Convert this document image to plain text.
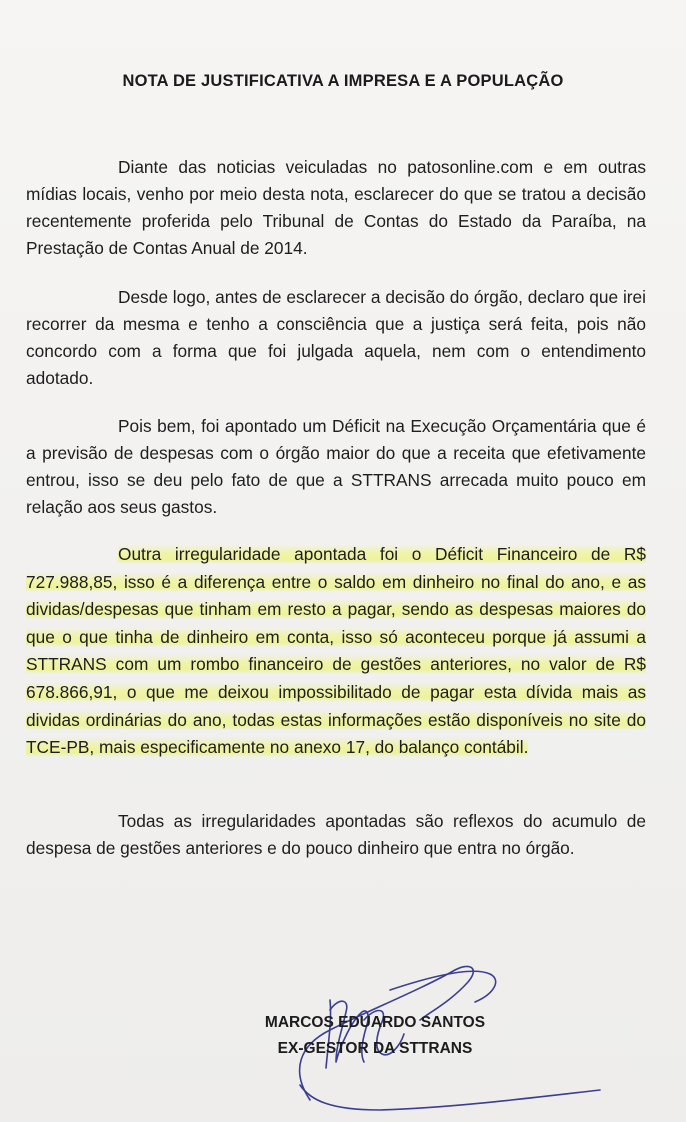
NOTA DE JUSTIFICATIVA A IMPRESA E A POPULAÇÃO

Diante das noticias veiculadas no patosonline.com e em outras mídias locais, venho por meio desta nota, esclarecer do que se tratou a decisão recentemente proferida pelo Tribunal de Contas do Estado da Paraíba, na Prestação de Contas Anual de 2014.

Desde logo, antes de esclarecer a decisão do órgão, declaro que irei recorrer da mesma e tenho a consciência que a justiça será feita, pois não concordo com a forma que foi julgada aquela, nem com o entendimento adotado.

Pois bem, foi apontado um Déficit na Execução Orçamentária que é a previsão de despesas com o órgão maior do que a receita que efetivamente entrou, isso se deu pelo fato de que a STTRANS arrecada muito pouco em relação aos seus gastos.

Outra irregularidade apontada foi o Déficit Financeiro de R$ 727.988,85, isso é a diferença entre o saldo em dinheiro no final do ano, e as dividas/despesas que tinham em resto a pagar, sendo as despesas maiores do que o que tinha de dinheiro em conta, isso só aconteceu porque já assumi a STTRANS com um rombo financeiro de gestões anteriores, no valor de R$ 678.866,91, o que me deixou impossibilitado de pagar esta dívida mais as dividas ordinárias do ano, todas estas informações estão disponíveis no site do TCE-PB, mais especificamente no anexo 17, do balanço contábil.

Todas as irregularidades apontadas são reflexos do acumulo de despesa de gestões anteriores e do pouco dinheiro que entra no órgão.

MARCOS EDUARDO SANTOS
EX-GESTOR DA STTRANS
